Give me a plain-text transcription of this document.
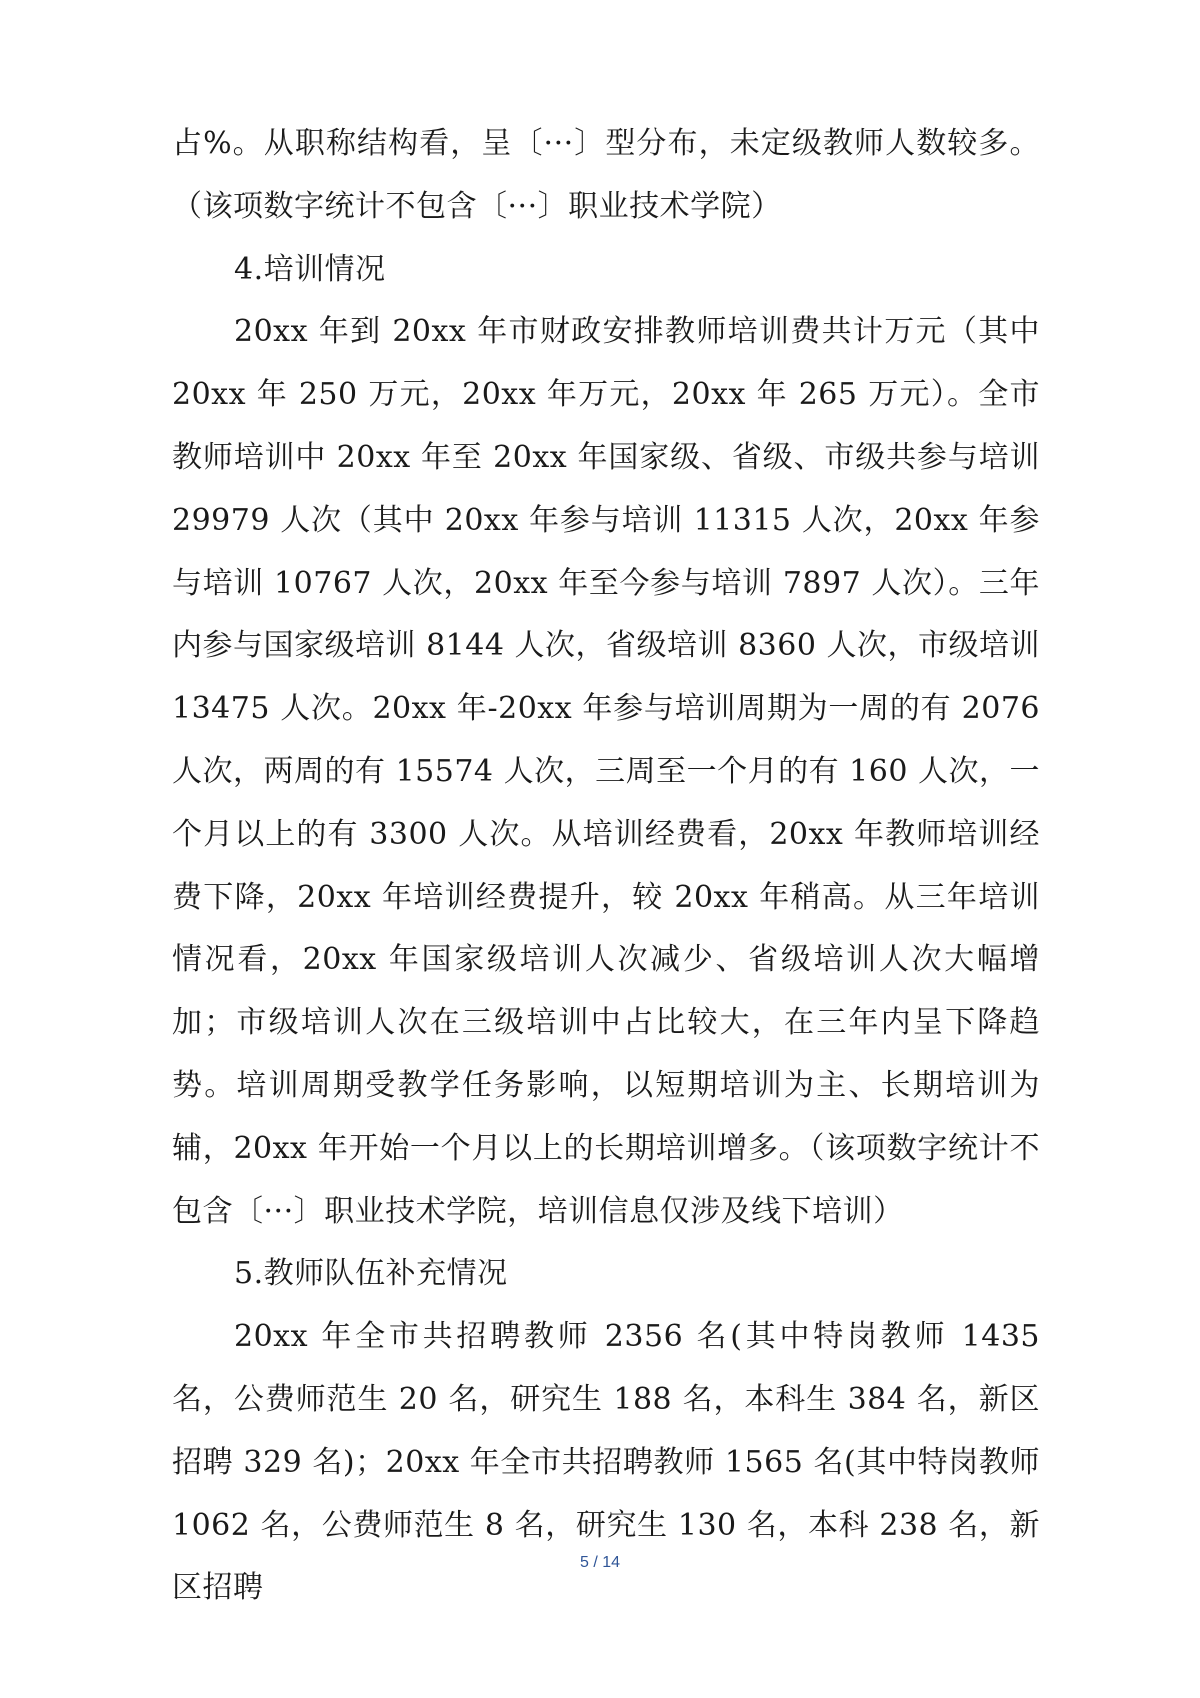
占%。从职称结构看，呈〔···〕型分布，未定级教师人数较多。（该项数字统计不包含〔···〕职业技术学院）

4.培训情况

20xx 年到 20xx 年市财政安排教师培训费共计万元（其中 20xx 年 250 万元，20xx 年万元，20xx 年 265 万元）。全市教师培训中 20xx 年至 20xx 年国家级、省级、市级共参与培训 29979 人次（其中 20xx 年参与培训 11315 人次，20xx 年参与培训 10767 人次，20xx 年至今参与培训 7897 人次）。三年内参与国家级培训 8144 人次，省级培训 8360 人次，市级培训 13475 人次。20xx 年-20xx 年参与培训周期为一周的有 2076 人次，两周的有 15574 人次，三周至一个月的有 160 人次，一个月以上的有 3300 人次。从培训经费看，20xx 年教师培训经费下降，20xx 年培训经费提升，较 20xx 年稍高。从三年培训情况看，20xx 年国家级培训人次减少、省级培训人次大幅增加；市级培训人次在三级培训中占比较大，在三年内呈下降趋势。培训周期受教学任务影响，以短期培训为主、长期培训为辅，20xx 年开始一个月以上的长期培训增多。（该项数字统计不包含〔···〕职业技术学院，培训信息仅涉及线下培训）

5.教师队伍补充情况

20xx 年全市共招聘教师 2356 名(其中特岗教师 1435 名，公费师范生 20 名，研究生 188 名，本科生 384 名，新区招聘 329 名)；20xx 年全市共招聘教师 1565 名(其中特岗教师 1062 名，公费师范生 8 名，研究生 130 名，本科 238 名，新区招聘

5 / 14
